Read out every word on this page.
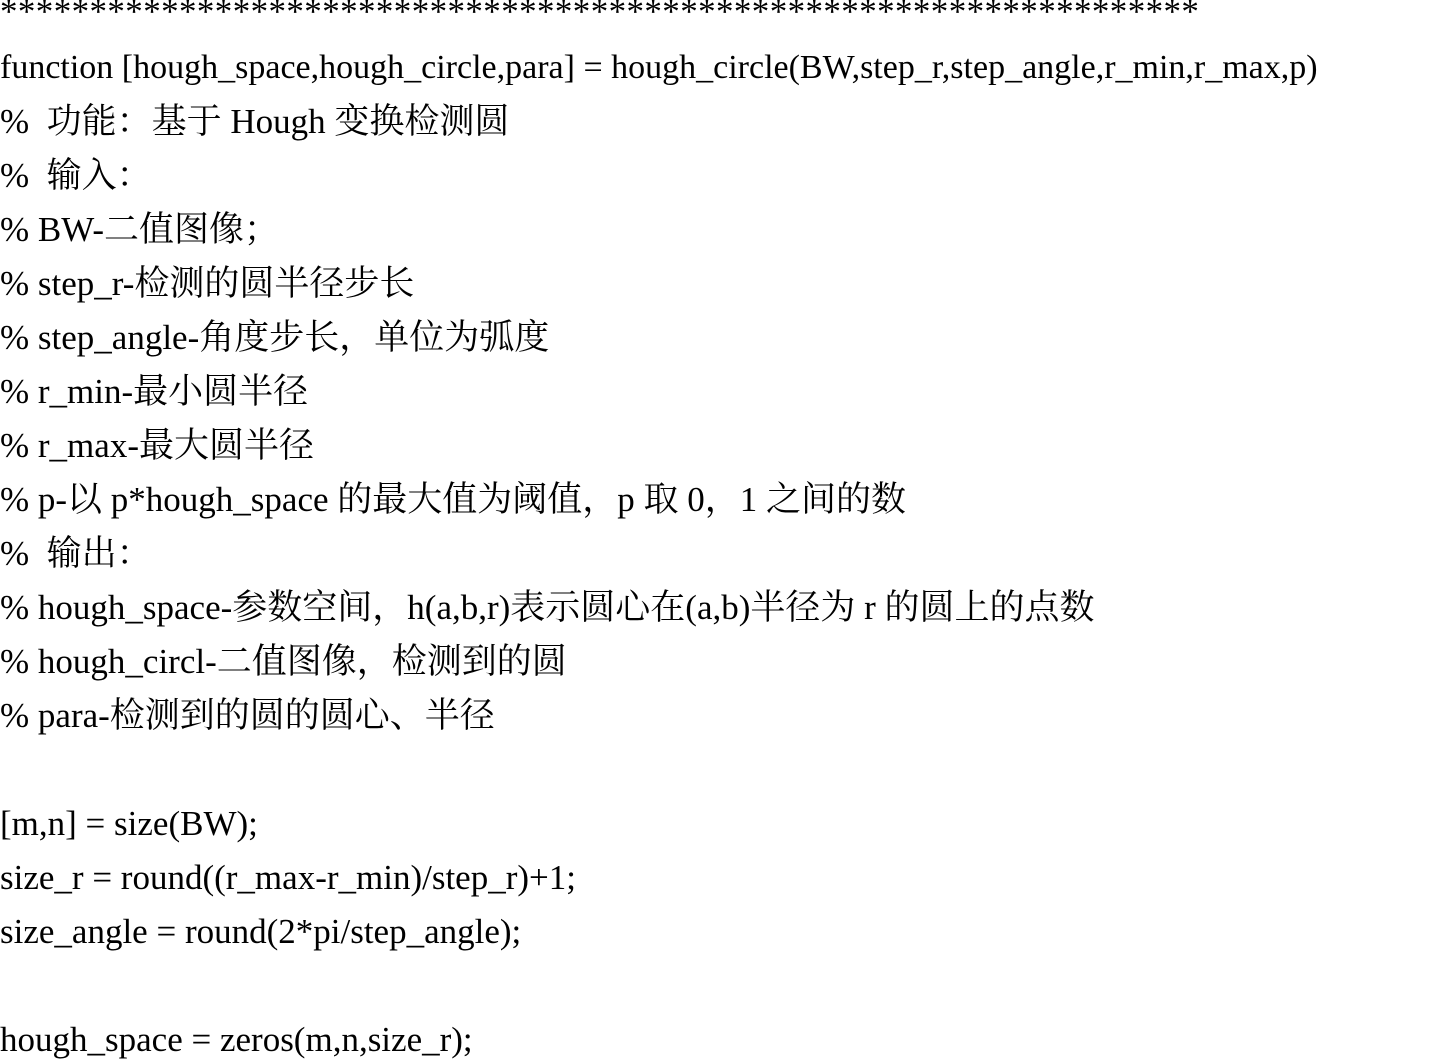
*******************************************************************
function [hough_space,hough_circle,para] = hough_circle(BW,step_r,step_angle,r_min,r_max,p)
%  功能：基于 Hough 变换检测圆
%  输入：
% BW-二值图像；
% step_r-检测的圆半径步长
% step_angle-角度步长，单位为弧度
% r_min-最小圆半径
% r_max-最大圆半径
% p-以 p*hough_space 的最大值为阈值，p 取 0，1 之间的数
%  输出：
% hough_space-参数空间，h(a,b,r)表示圆心在(a,b)半径为 r 的圆上的点数
% hough_circl-二值图像，检测到的圆
% para-检测到的圆的圆心、半径
[m,n] = size(BW);
size_r = round((r_max-r_min)/step_r)+1;
size_angle = round(2*pi/step_angle);
hough_space = zeros(m,n,size_r);
